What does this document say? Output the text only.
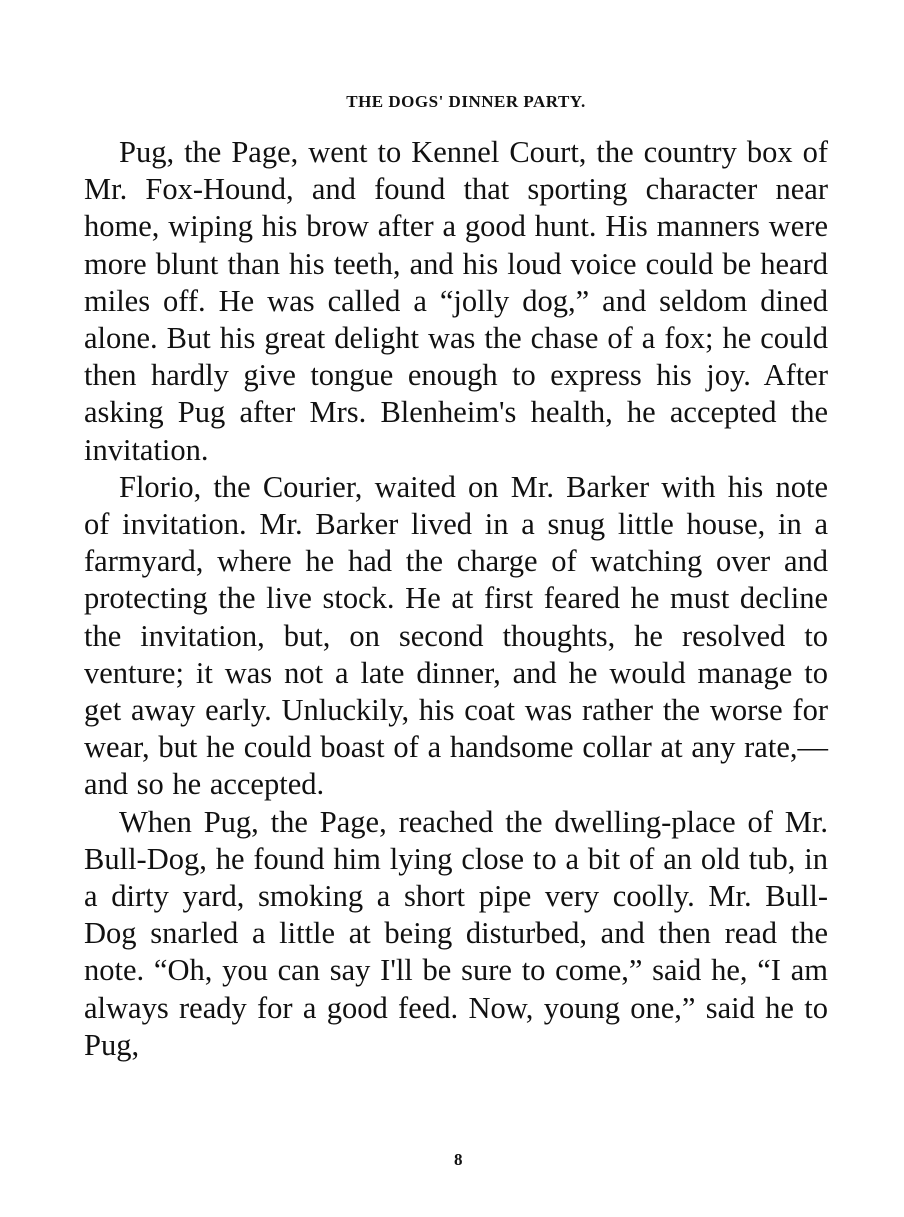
THE DOGS' DINNER PARTY.

Pug, the Page, went to Kennel Court, the country box of Mr. Fox-Hound, and found that sporting character near home, wiping his brow after a good hunt. His manners were more blunt than his teeth, and his loud voice could be heard miles off. He was called a “jolly dog,” and seldom dined alone. But his great delight was the chase of a fox; he could then hardly give tongue enough to express his joy. After asking Pug after Mrs. Blenheim's health, he accepted the invitation.

Florio, the Courier, waited on Mr. Barker with his note of invitation. Mr. Barker lived in a snug little house, in a farmyard, where he had the charge of watching over and protecting the live stock. He at first feared he must decline the invitation, but, on second thoughts, he resolved to venture; it was not a late dinner, and he would manage to get away early. Unluckily, his coat was rather the worse for wear, but he could boast of a handsome collar at any rate,—and so he accepted.

When Pug, the Page, reached the dwelling-place of Mr. Bull-Dog, he found him lying close to a bit of an old tub, in a dirty yard, smoking a short pipe very coolly. Mr. Bull-Dog snarled a little at being disturbed, and then read the note. “Oh, you can say I'll be sure to come,” said he, “I am always ready for a good feed. Now, young one,” said he to Pug,

8
